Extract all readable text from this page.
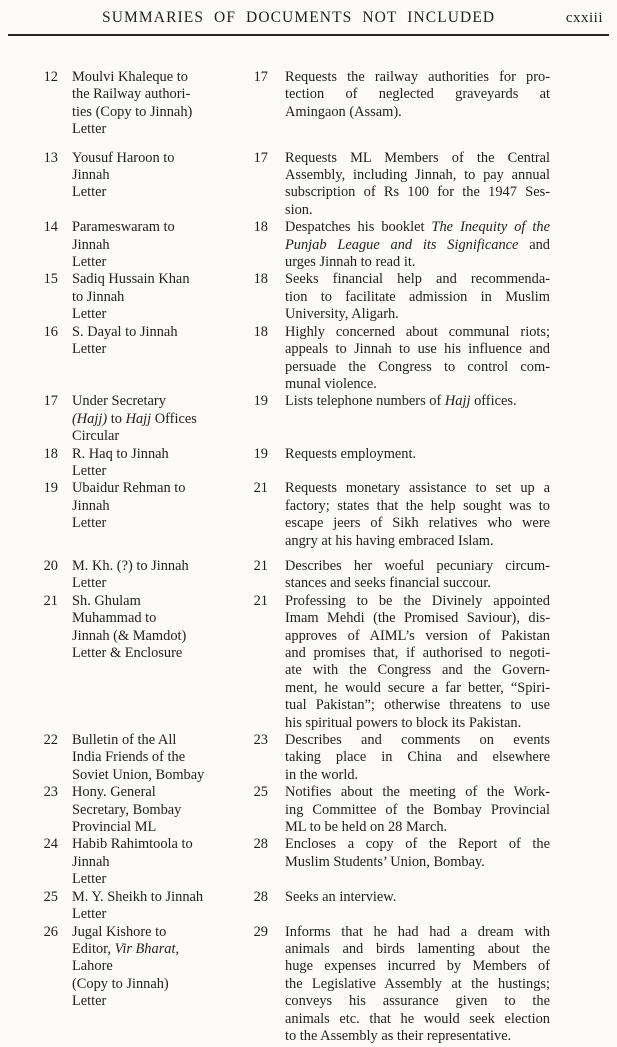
SUMMARIES OF DOCUMENTS NOT INCLUDED	cxxiii
12 Moulvi Khaleque to
the Railway authori-
ties (Copy to Jinnah)
Letter
17 Requests the railway authorities for pro-
tection of neglected graveyards at
Amingaon (Assam).
13 Yousuf Haroon to
Jinnah
Letter
17 Requests ML Members of the Central
Assembly, including Jinnah, to pay annual
subscription of Rs 100 for the 1947 Ses-
sion.
14 Parameswaram to
Jinnah
Letter
18 Despatches his booklet The Inequity of the
Punjab League and its Significance and
urges Jinnah to read it.
15 Sadiq Hussain Khan
to Jinnah
Letter
18 Seeks financial help and recommenda-
tion to facilitate admission in Muslim
University, Aligarh.
16 S. Dayal to Jinnah
Letter
18 Highly concerned about communal riots;
appeals to Jinnah to use his influence and
persuade the Congress to control com-
munal violence.
17 Under Secretary
(Hajj) to Hajj Offices
Circular
19 Lists telephone numbers of Hajj offices.
18 R. Haq to Jinnah
Letter
19 Requests employment.
19 Ubaidur Rehman to
Jinnah
Letter
21 Requests monetary assistance to set up a
factory; states that the help sought was to
escape jeers of Sikh relatives who were
angry at his having embraced Islam.
20 M. Kh. (?) to Jinnah
Letter
21 Describes her woeful pecuniary circum-
stances and seeks financial succour.
21 Sh. Ghulam
Muhammad to
Jinnah (& Mamdot)
Letter & Enclosure
21 Professing to be the Divinely appointed
Imam Mehdi (the Promised Saviour), dis-
approves of AIML’s version of Pakistan
and promises that, if authorised to negoti-
ate with the Congress and the Govern-
ment, he would secure a far better, “Spiri-
tual Pakistan”; otherwise threatens to use
his spiritual powers to block its Pakistan.
22 Bulletin of the All
India Friends of the
Soviet Union, Bombay
23 Describes and comments on events
taking place in China and elsewhere
in the world.
23 Hony. General
Secretary, Bombay
Provincial ML
25 Notifies about the meeting of the Work-
ing Committee of the Bombay Provincial
ML to be held on 28 March.
24 Habib Rahimtoola to
Jinnah
Letter
28 Encloses a copy of the Report of the
Muslim Students’ Union, Bombay.
25 M. Y. Sheikh to Jinnah
Letter
28 Seeks an interview.
26 Jugal Kishore to
Editor, Vir Bharat,
Lahore
(Copy to Jinnah)
Letter
29 Informs that he had had a dream with
animals and birds lamenting about the
huge expenses incurred by Members of
the Legislative Assembly at the hustings;
conveys his assurance given to the
animals etc. that he would seek election
to the Assembly as their representative.
